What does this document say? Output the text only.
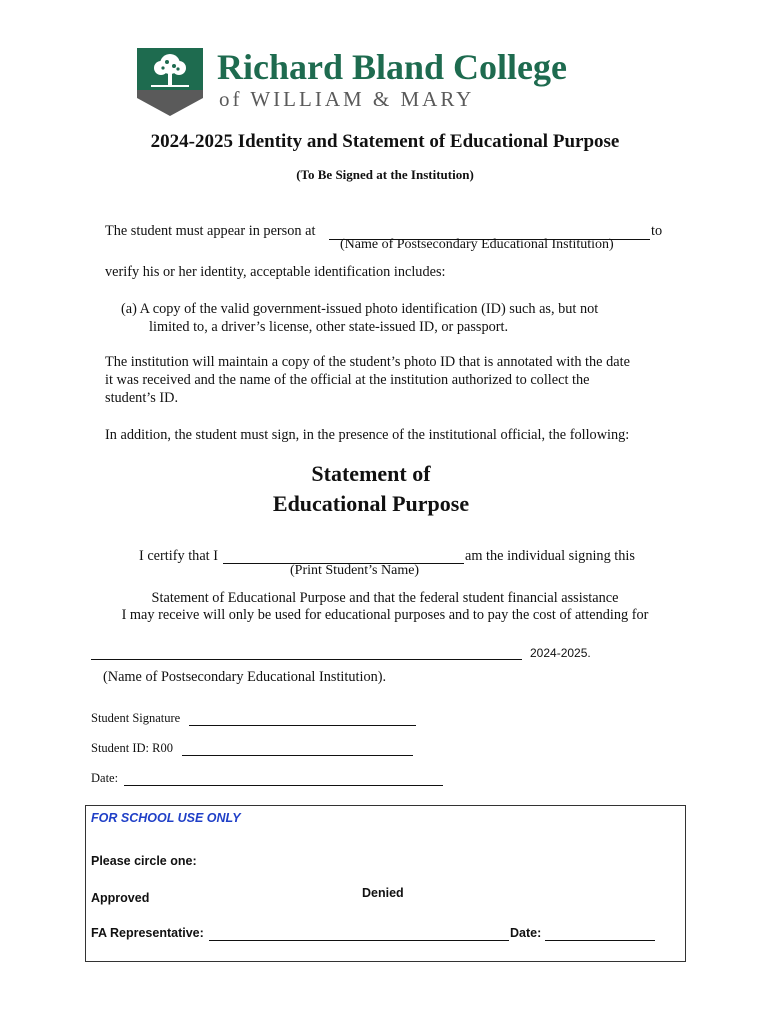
Richard Bland College
of WILLIAM & MARY
2024-2025 Identity and Statement of Educational Purpose
(To Be Signed at the Institution)
The student must appear in person at	to
(Name of Postsecondary Educational Institution)
verify his or her identity, acceptable identification includes:
(a) A copy of the valid government-issued photo identification (ID) such as, but not
limited to, a driver’s license, other state-issued ID, or passport.
The institution will maintain a copy of the student’s photo ID that is annotated with the date
it was received and the name of the official at the institution authorized to collect the
student’s ID.
In addition, the student must sign, in the presence of the institutional official, the following:
Statement of
Educational Purpose
I certify that I	am the individual signing this
(Print Student’s Name)
Statement of Educational Purpose and that the federal student financial assistance
I may receive will only be used for educational purposes and to pay the cost of attending for
2024-2025.
(Name of Postsecondary Educational Institution).
Student Signature
Student ID: R00
Date:
FOR SCHOOL USE ONLY
Please circle one:
Approved	Denied
FA Representative:	Date:
